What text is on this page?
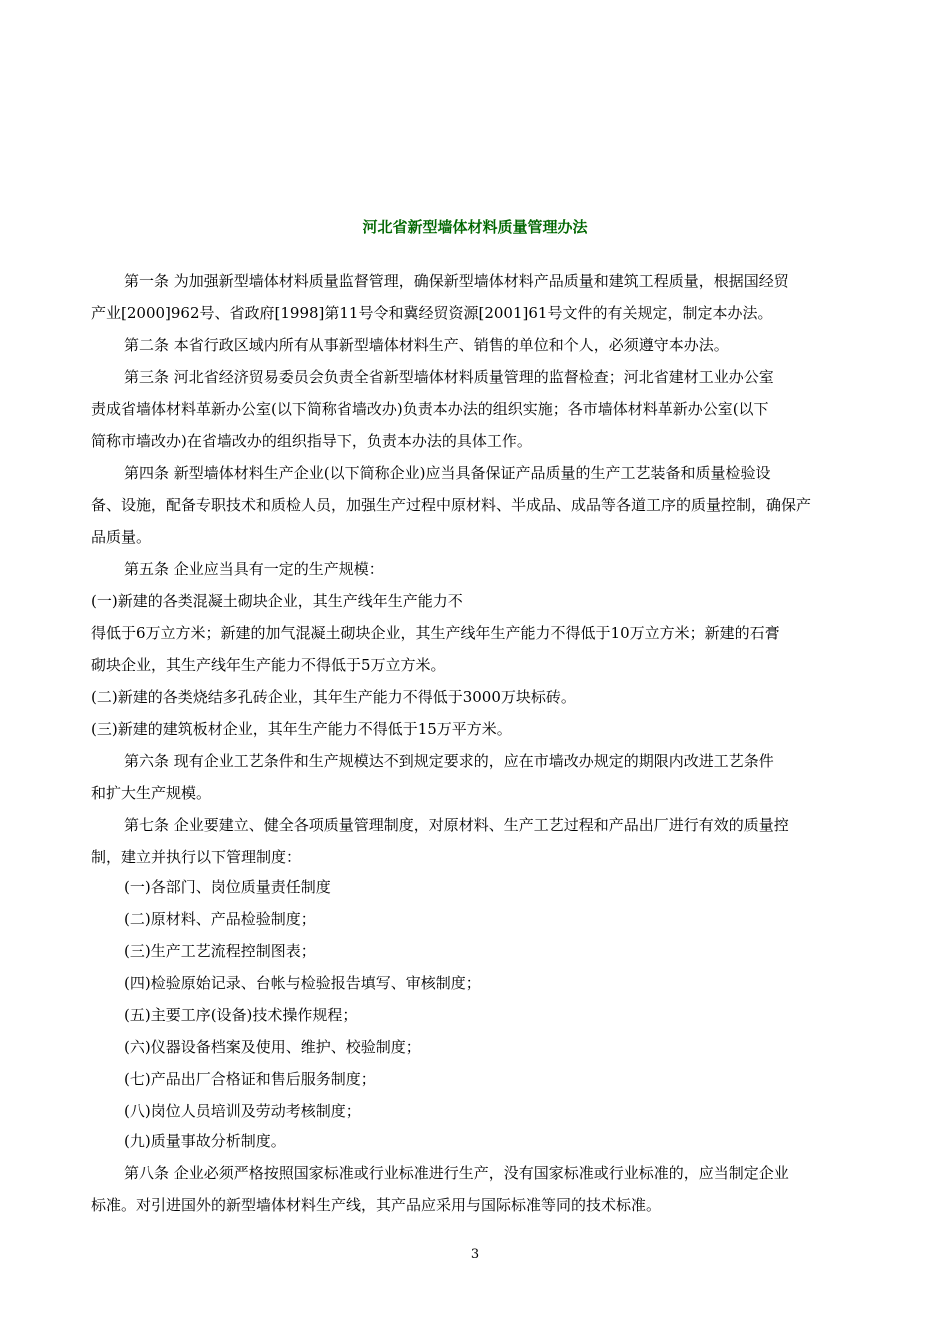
河北省新型墙体材料质量管理办法
第一条 为加强新型墙体材料质量监督管理，确保新型墙体材料产品质量和建筑工程质量，根据国经贸
产业[2000]962号、省政府[1998]第11号令和冀经贸资源[2001]61号文件的有关规定，制定本办法。
第二条 本省行政区域内所有从事新型墙体材料生产、销售的单位和个人，必须遵守本办法。
第三条 河北省经济贸易委员会负责全省新型墙体材料质量管理的监督检查；河北省建材工业办公室
责成省墙体材料革新办公室(以下简称省墙改办)负责本办法的组织实施；各市墙体材料革新办公室(以下
简称市墙改办)在省墙改办的组织指导下，负责本办法的具体工作。
第四条 新型墙体材料生产企业(以下简称企业)应当具备保证产品质量的生产工艺装备和质量检验设
备、设施，配备专职技术和质检人员，加强生产过程中原材料、半成品、成品等各道工序的质量控制，确保产
品质量。
第五条 企业应当具有一定的生产规模：
(一)新建的各类混凝土砌块企业，其生产线年生产能力不
得低于6万立方米；新建的加气混凝土砌块企业，其生产线年生产能力不得低于10万立方米；新建的石膏
砌块企业，其生产线年生产能力不得低于5万立方米。
(二)新建的各类烧结多孔砖企业，其年生产能力不得低于3000万块标砖。
(三)新建的建筑板材企业，其年生产能力不得低于15万平方米。
第六条 现有企业工艺条件和生产规模达不到规定要求的，应在市墙改办规定的期限内改进工艺条件
和扩大生产规模。
第七条 企业要建立、健全各项质量管理制度，对原材料、生产工艺过程和产品出厂进行有效的质量控
制，建立并执行以下管理制度：
(一)各部门、岗位质量责任制度
(二)原材料、产品检验制度；
(三)生产工艺流程控制图表；
(四)检验原始记录、台帐与检验报告填写、审核制度；
(五)主要工序(设备)技术操作规程；
(六)仪器设备档案及使用、维护、校验制度；
(七)产品出厂合格证和售后服务制度；
(八)岗位人员培训及劳动考核制度；
(九)质量事故分析制度。
第八条 企业必须严格按照国家标准或行业标准进行生产，没有国家标准或行业标准的，应当制定企业
标准。对引进国外的新型墙体材料生产线，其产品应采用与国际标准等同的技术标准。
3
